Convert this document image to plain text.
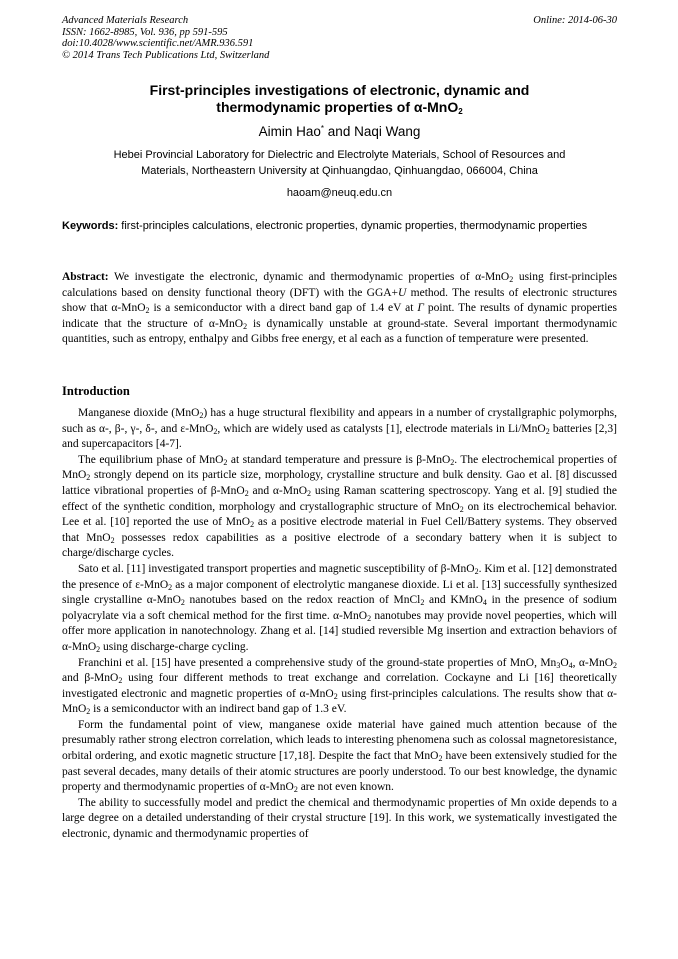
Advanced Materials Research
ISSN: 1662-8985, Vol. 936, pp 591-595
doi:10.4028/www.scientific.net/AMR.936.591
© 2014 Trans Tech Publications Ltd, Switzerland
Online: 2014-06-30
First-principles investigations of electronic, dynamic and
thermodynamic properties of α-MnO$_2$
Aimin Hao* and Naqi Wang
Hebei Provincial Laboratory for Dielectric and Electrolyte Materials, School of Resources and
Materials, Northeastern University at Qinhuangdao, Qinhuangdao, 066004, China
haoam@neuq.edu.cn
Keywords: first-principles calculations, electronic properties, dynamic properties, thermodynamic properties
Abstract: We investigate the electronic, dynamic and thermodynamic properties of α-MnO$_2$ using first-principles calculations based on density functional theory (DFT) with the GGA+U method. The results of electronic structures show that α-MnO$_2$ is a semiconductor with a direct band gap of 1.4 eV at Γ point. The results of dynamic properties indicate that the structure of α-MnO$_2$ is dynamically unstable at ground-state. Several important thermodynamic quantities, such as entropy, enthalpy and Gibbs free energy, et al each as a function of temperature were presented.
Introduction

Manganese dioxide (MnO$_2$) has a huge structural flexibility and appears in a number of crystallgraphic polymorphs, such as α-, β-, γ-, δ-, and ε-MnO$_2$, which are widely used as catalysts [1], electrode materials in Li/MnO$_2$ batteries [2,3] and supercapacitors [4-7].

The equilibrium phase of MnO$_2$ at standard temperature and pressure is β-MnO$_2$. The electrochemical properties of MnO$_2$ strongly depend on its particle size, morphology, crystalline structure and bulk density. Gao et al. [8] discussed lattice vibrational properties of β-MnO$_2$ and α-MnO$_2$ using Raman scattering spectroscopy. Yang et al. [9] studied the effect of the synthetic condition, morphology and crystallographic structure of MnO$_2$ on its electrochemical behavior. Lee et al. [10] reported the use of MnO$_2$ as a positive electrode material in Fuel Cell/Battery systems. They observed that MnO$_2$ possesses redox capabilities as a positive electrode of a secondary battery when it is subject to charge/discharge cycles.

Sato et al. [11] investigated transport properties and magnetic susceptibility of β-MnO$_2$. Kim et al. [12] demonstrated the presence of ε-MnO$_2$ as a major component of electrolytic manganese dioxide. Li et al. [13] successfully synthesized single crystalline α-MnO$_2$ nanotubes based on the redox reaction of MnCl$_2$ and KMnO$_4$ in the presence of sodium polyacrylate via a soft chemical method for the first time. α-MnO$_2$ nanotubes may provide novel peoperties, which will offer more application in nanotechnology. Zhang et al. [14] studied reversible Mg insertion and extraction behaviors of α-MnO$_2$ using discharge-charge cycling.

Franchini et al. [15] have presented a comprehensive study of the ground-state properties of MnO, $Mn_3O_4$, α-MnO$_2$ and β-MnO$_2$ using four different methods to treat exchange and correlation. Cockayne and Li [16] theoretically investigated electronic and magnetic properties of α-MnO$_2$ using first-principles calculations. The results show that α-MnO$_2$ is a semiconductor with an indirect band gap of 1.3 eV.

Form the fundamental point of view, manganese oxide material have gained much attention because of the presumably rather strong electron correlation, which leads to interesting phenomena such as colossal magnetoresistance, orbital ordering, and exotic magnetic structure [17,18]. Despite the fact that MnO$_2$ have been extensively studied for the past several decades, many details of their atomic structures are poorly understood. To our best knowledge, the dynamic property and thermodynamic properties of α-MnO$_2$ are not even known.

The ability to successfully model and predict the chemical and thermodynamic properties of Mn oxide depends to a large degree on a detailed understanding of their crystal structure [19]. In this work, we systematically investigated the electronic, dynamic and thermodynamic properties of
